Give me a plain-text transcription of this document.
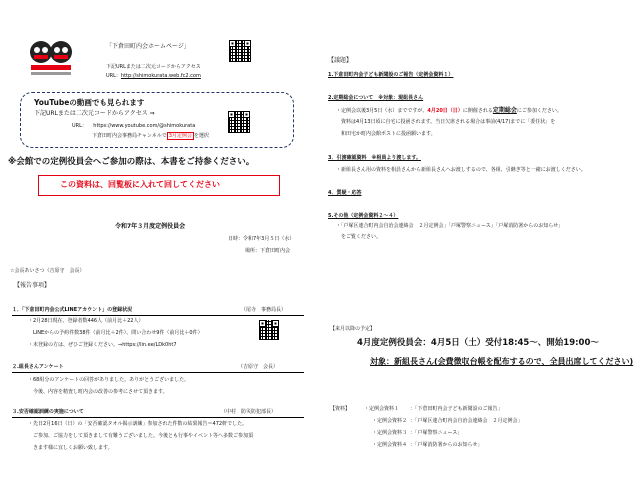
「下倉田町内会ホームページ」
下記URLまたは二次元コードからアクセス
URL：http://shimokurata.web.fc2.com
YouTubeの動画でも見られます
下記URLまたは二次元コードからアクセス ⇒
URL： https://www.youtube.com/@shimokurata
下倉田町内会事務局チャンネルで 3月定例会 を選択
※会館での定例役員会へご参加の際は、本書をご持参ください。
この資料は、回覧板に入れて回してください
令和7年３月度定例役員会
日時：令和7年3月５日（水）
場所：下倉田町内会
☆会長あいさつ（吉原守　会長）
【報告事項】
１．「下倉田町内会公式LINEアカウント」の登録状況	（尾寺　事務局長）
・2月28日現在、登録者数446人（前月比＋22人）
　LINEからの予約件数38件（前月比＋2件）、問い合わせ9件（前月比＋0件）
・未登録の方は、ぜひご登録ください。⇒https://lin.ee/LDk0ht7
２.組長さんアンケート	（吉原守　会長）
・68組分のアンケートの回答がありました。ありがとうございました。
　今後、内容を精査し町内会の改善の参考にさせて頂きます。
３.安否確認訓練の実施について	（中村　防災防犯部長）
・先日2月16日（日）の「安否確認タオル掲示訓練」参加された件数の結果報告＝472軒でした。
　ご参加、ご協力をして頂きまして有難うございました。今後とも行事やイベント等へ多数ご参加頂
　きます様に宜しくお願い致します。
【議題】
1.下倉田町内会子ども新聞設のご報告（定例会資料１）
2.定期総会について　※対象：現組長さん
・定例会以後3月5日（水）までですが、4月20日（日）に開催される定期総会にご参加ください。
　資料は4月13日頃に自宅に投函されます。当日欠席される場合は事前(4/17)までに「委任状」を
　和田宅か町内会館ポストに投函願います。
3．引渡確認資料　※相員より渡します。
・新組長さん用の資料を相員さんから新組長さんへお渡しするので、各組、引継ぎ等と一緒にお渡しください。
4．質疑・応答
5.その他（定例会資料２～４）
・「戸塚区連合町内会自治会連絡会　２月定例会」「戸塚警察ニュース」「戸塚消防署からのお知らせ」
　をご覧ください。
【来月以降の予定】
4月度定例役員会：4月5日（土）受付18:45～、開始19:00～
対象：新組長さん(会費徴収台帳を配布するので、全員出席してください)
【資料】	・定例会資料１ ：「下倉田町内会子ども新聞設のご報告」
・定例会資料２ ：「戸塚区連合町内会自治会連絡会　２月定例会」
・定例会資料３ ：「戸塚警察ニュース」
・定例会資料４ ：「戸塚消防署からのお知らせ」
